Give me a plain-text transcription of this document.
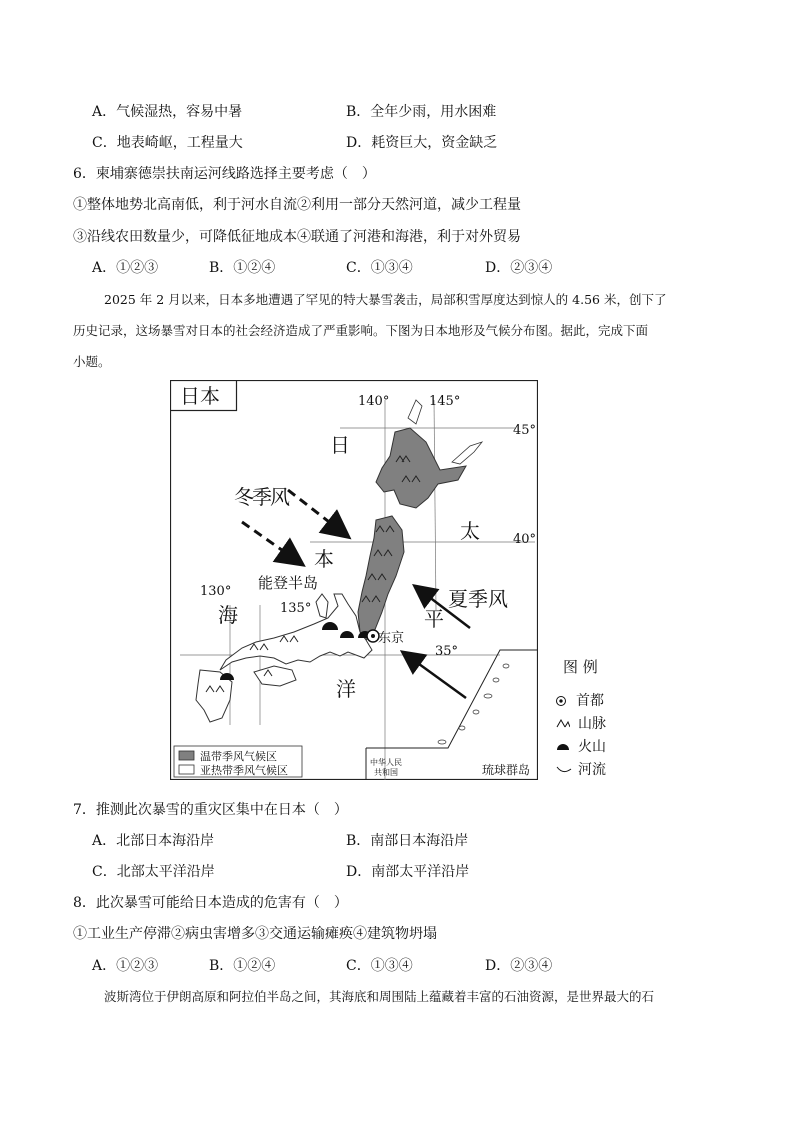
A．气候湿热，容易中暑	B．全年少雨，用水困难
C．地表崎岖，工程量大	D．耗资巨大，资金缺乏
6．柬埔寨德崇扶南运河线路选择主要考虑（　）
①整体地势北高南低，利于河水自流②利用一部分天然河道，减少工程量
③沿线农田数量少，可降低征地成本④联通了河港和海港，利于对外贸易
A．①②③	B．①②④	C．①③④	D．②③④
2025 年 2 月以来，日本多地遭遇了罕见的特大暴雪袭击，局部积雪厚度达到惊人的 4.56 米，创下了
历史记录，这场暴雪对日本的社会经济造成了严重影响。下图为日本地形及气候分布图。据此，完成下面
小题。
日本	140°	145°
45°
40°
35°
130°
135°
东京
日
本
海
太
平
洋
冬季风
能登半岛
夏季风
中华人民
共和国	琉球群岛
温带季风气候区
亚热带季风气候区
图 例
首都
山脉
火山
河流
7．推测此次暴雪的重灾区集中在日本（　）
A．北部日本海沿岸	B．南部日本海沿岸
C．北部太平洋沿岸	D．南部太平洋沿岸
8．此次暴雪可能给日本造成的危害有（　）
①工业生产停滞②病虫害增多③交通运输瘫痪④建筑物坍塌
A．①②③	B．①②④	C．①③④	D．②③④
波斯湾位于伊朗高原和阿拉伯半岛之间，其海底和周围陆上蕴藏着丰富的石油资源，是世界最大的石
